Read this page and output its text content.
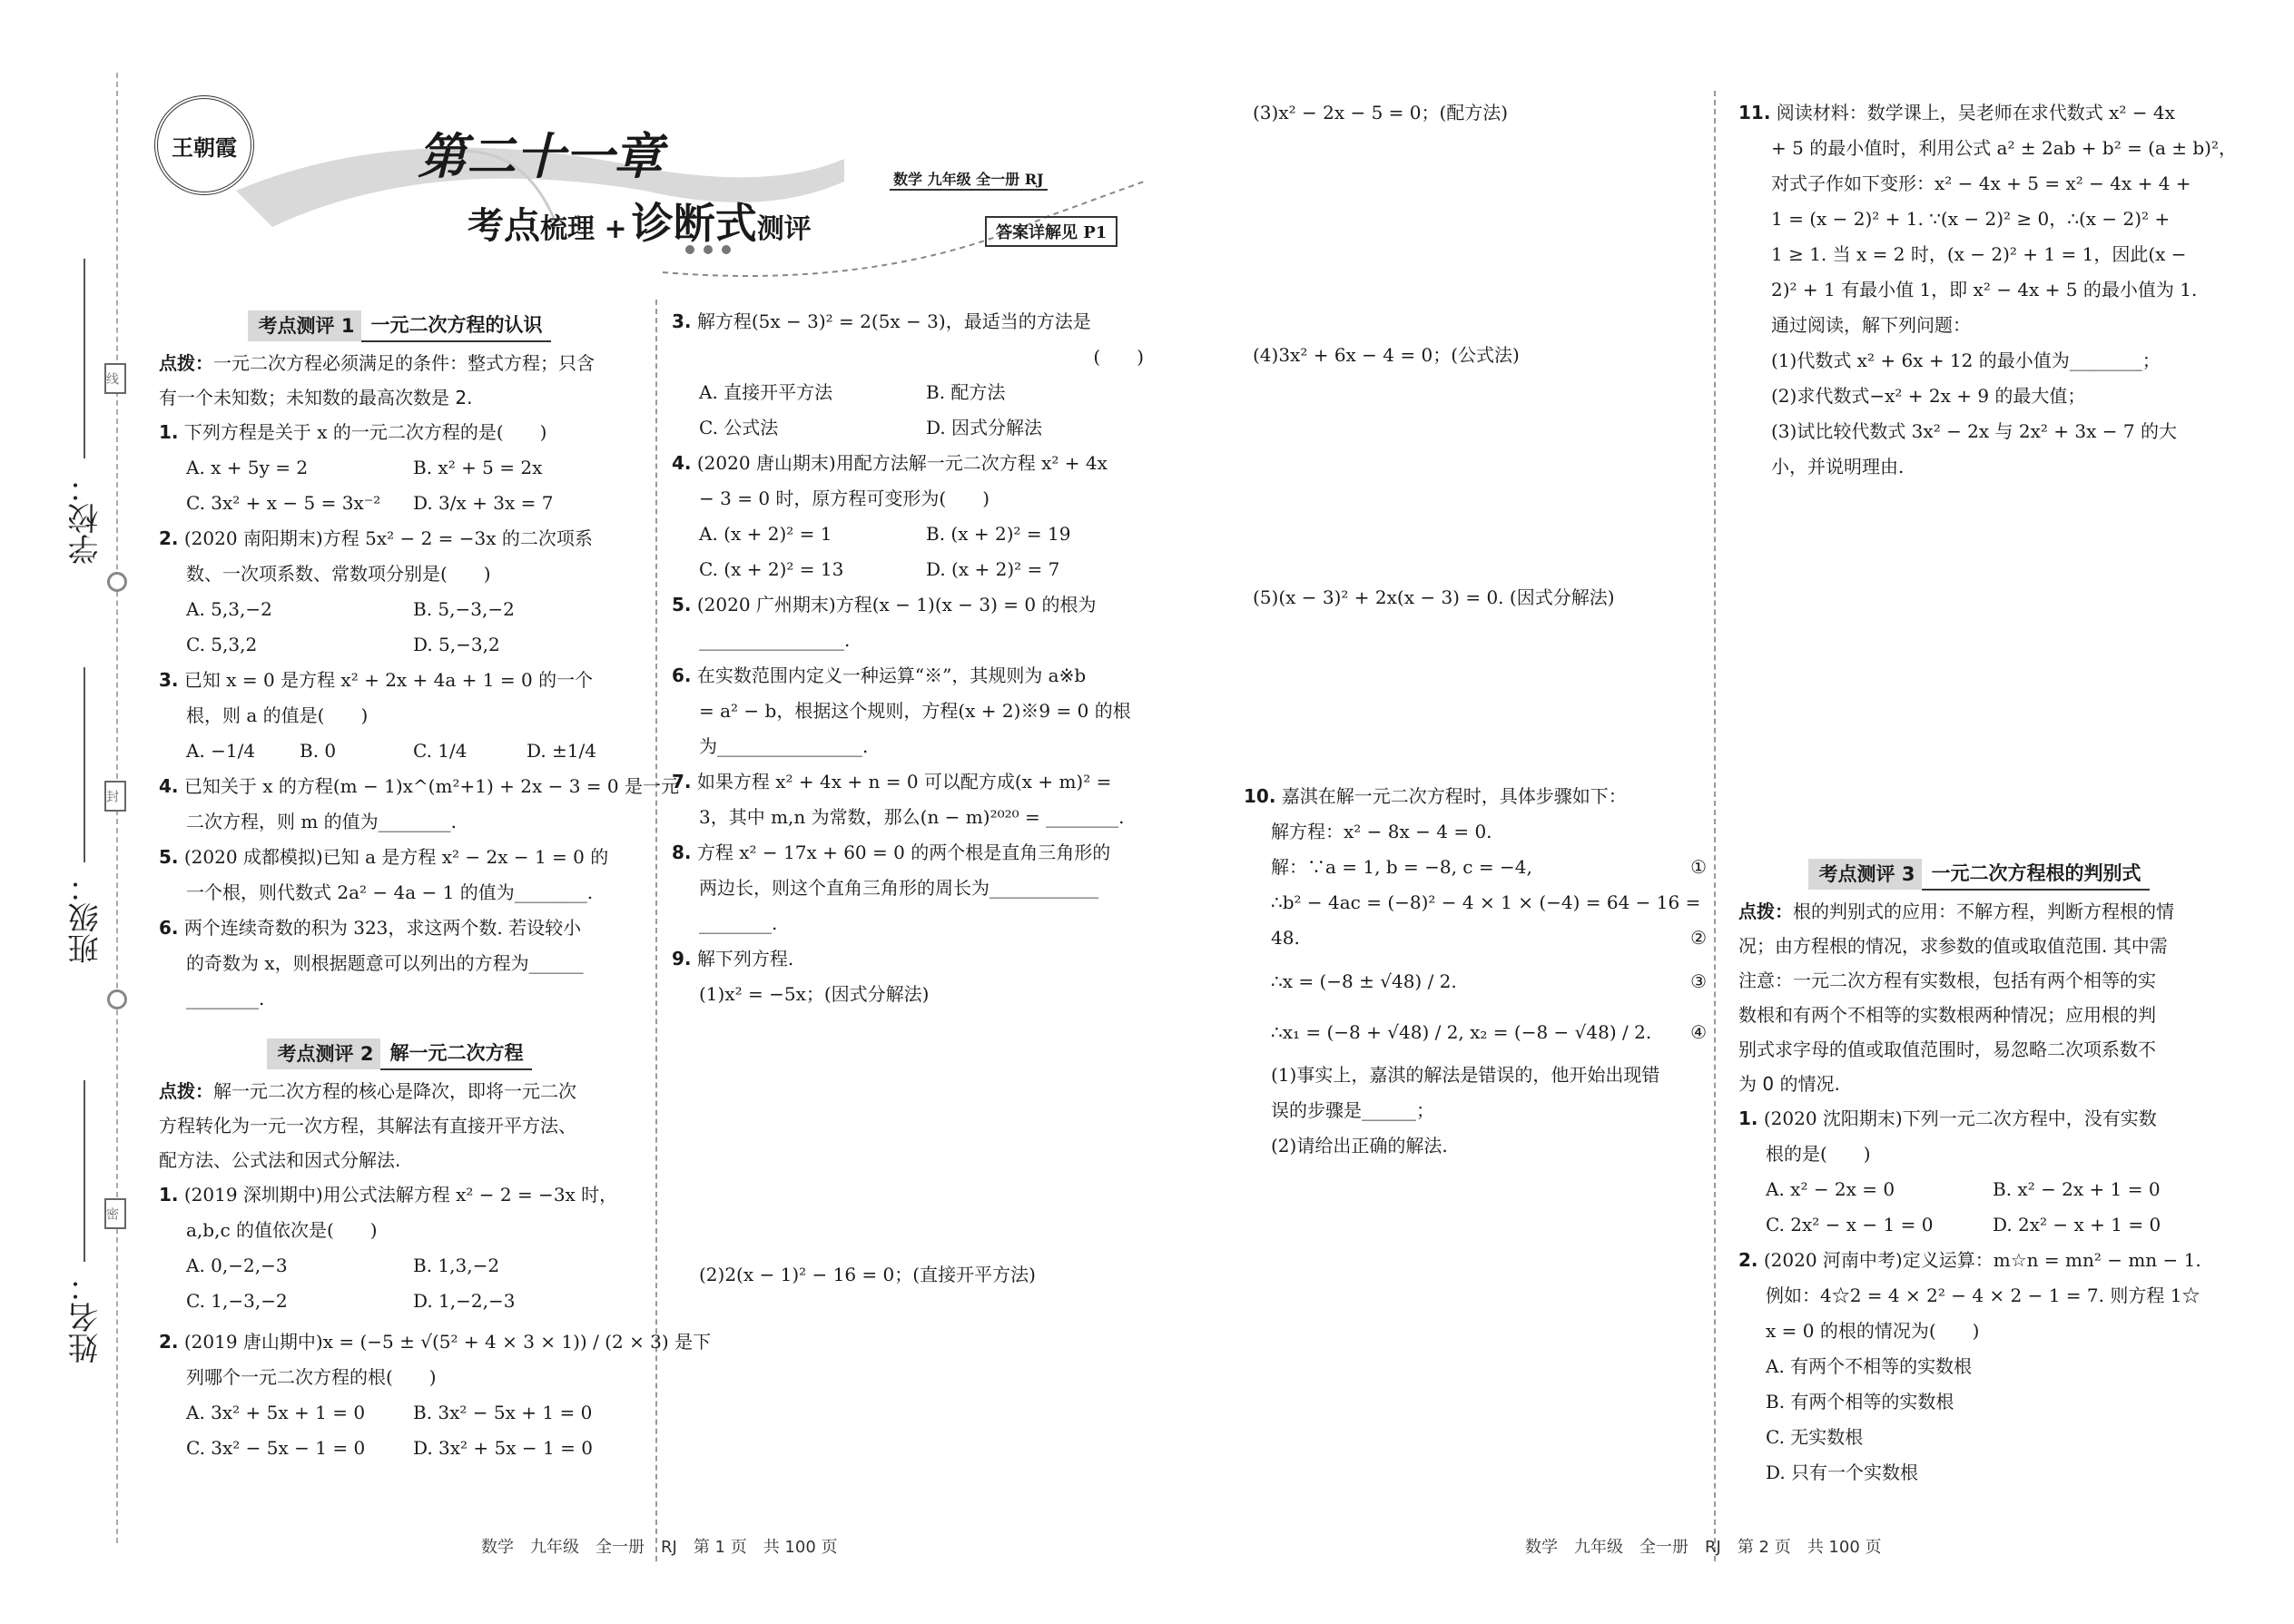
学校：
班级：
姓名：
线
封
密
王朝霞	第二十一章
考点梳理 + 诊断式测评
数学 九年级 全一册 RJ
答案详解见 P1
考点测评 1 一元二次方程的认识
点拨：一元二次方程必须满足的条件：整式方程；只含
有一个未知数；未知数的最高次数是 2.
1. 下列方程是关于 x 的一元二次方程的是(　　)
A. x + 5y = 2	B. x² + 5 = 2x
C. 3x² + x − 5 = 3x⁻²	D. 3/x + 3x = 7
2. (2020 南阳期末)方程 5x² − 2 = −3x 的二次项系
数、一次项系数、常数项分别是(　　)
A. 5,3,−2	B. 5,−3,−2
C. 5,3,2	D. 5,−3,2
3. 已知 x = 0 是方程 x² + 2x + 4a + 1 = 0 的一个
根，则 a 的值是(　　)
A. −1/4	B. 0	C. 1/4	D. ±1/4
4. 已知关于 x 的方程(m − 1)x^(m²+1) + 2x − 3 = 0 是一元
二次方程，则 m 的值为________.
5. (2020 成都模拟)已知 a 是方程 x² − 2x − 1 = 0 的
一个根，则代数式 2a² − 4a − 1 的值为________.
6. 两个连续奇数的积为 323，求这两个数. 若设较小
的奇数为 x，则根据题意可以列出的方程为______
________.
考点测评 2 解一元二次方程
点拨：解一元二次方程的核心是降次，即将一元二次
方程转化为一元一次方程，其解法有直接开平方法、
配方法、公式法和因式分解法.
1. (2019 深圳期中)用公式法解方程 x² − 2 = −3x 时，
a,b,c 的值依次是(　　)
A. 0,−2,−3	B. 1,3,−2
C. 1,−3,−2	D. 1,−2,−3
2. (2019 唐山期中)x = (−5 ± √(5² + 4 × 3 × 1)) / (2 × 3) 是下
列哪个一元二次方程的根(　　)
A. 3x² + 5x + 1 = 0	B. 3x² − 5x + 1 = 0
C. 3x² − 5x − 1 = 0	D. 3x² + 5x − 1 = 0
3. 解方程(5x − 3)² = 2(5x − 3)，最适当的方法是
(　　)
A. 直接开平方法	B. 配方法
C. 公式法	D. 因式分解法
4. (2020 唐山期末)用配方法解一元二次方程 x² + 4x
− 3 = 0 时，原方程可变形为(　　)
A. (x + 2)² = 1	B. (x + 2)² = 19
C. (x + 2)² = 13	D. (x + 2)² = 7
5. (2020 广州期末)方程(x − 1)(x − 3) = 0 的根为
________________.
6. 在实数范围内定义一种运算“※”，其规则为 a※b
= a² − b，根据这个规则，方程(x + 2)※9 = 0 的根
为________________.
7. 如果方程 x² + 4x + n = 0 可以配方成(x + m)² =
3，其中 m,n 为常数，那么(n − m)²⁰²⁰ = ________.
8. 方程 x² − 17x + 60 = 0 的两个根是直角三角形的
两边长，则这个直角三角形的周长为____________
________.
9. 解下列方程.
(1)x² = −5x；(因式分解法)
(2)2(x − 1)² − 16 = 0；(直接开平方法)
(3)x² − 2x − 5 = 0；(配方法)
(4)3x² + 6x − 4 = 0；(公式法)
(5)(x − 3)² + 2x(x − 3) = 0. (因式分解法)
10. 嘉淇在解一元二次方程时，具体步骤如下：
解方程：x² − 8x − 4 = 0.
解：∵a = 1, b = −8, c = −4,	①
∴b² − 4ac = (−8)² − 4 × 1 × (−4) = 64 − 16 =
48.	②
∴x = (−8 ± √48) / 2.	③
∴x₁ = (−8 + √48) / 2, x₂ = (−8 − √48) / 2. ④
(1)事实上，嘉淇的解法是错误的，他开始出现错
误的步骤是______；
(2)请给出正确的解法.
11. 阅读材料：数学课上，吴老师在求代数式 x² − 4x
+ 5 的最小值时，利用公式 a² ± 2ab + b² = (a ± b)²，
对式子作如下变形：x² − 4x + 5 = x² − 4x + 4 +
1 = (x − 2)² + 1. ∵(x − 2)² ≥ 0，∴(x − 2)² +
1 ≥ 1. 当 x = 2 时，(x − 2)² + 1 = 1，因此(x −
2)² + 1 有最小值 1，即 x² − 4x + 5 的最小值为 1.
通过阅读，解下列问题：
(1)代数式 x² + 6x + 12 的最小值为________；
(2)求代数式−x² + 2x + 9 的最大值；
(3)试比较代数式 3x² − 2x 与 2x² + 3x − 7 的大
小，并说明理由.
考点测评 3 一元二次方程根的判别式
点拨：根的判别式的应用：不解方程，判断方程根的情
况；由方程根的情况，求参数的值或取值范围. 其中需
注意：一元二次方程有实数根，包括有两个相等的实
数根和有两个不相等的实数根两种情况；应用根的判
别式求字母的值或取值范围时，易忽略二次项系数不
为 0 的情况.
1. (2020 沈阳期末)下列一元二次方程中，没有实数
根的是(　　)
A. x² − 2x = 0	B. x² − 2x + 1 = 0
C. 2x² − x − 1 = 0	D. 2x² − x + 1 = 0
2. (2020 河南中考)定义运算：m☆n = mn² − mn − 1.
例如：4☆2 = 4 × 2² − 4 × 2 − 1 = 7. 则方程 1☆
x = 0 的根的情况为(　　)
A. 有两个不相等的实数根
B. 有两个相等的实数根
C. 无实数根
D. 只有一个实数根
数学　九年级　全一册　RJ　第 1 页　共 100 页	数学　九年级　全一册　RJ　第 2 页　共 100 页
